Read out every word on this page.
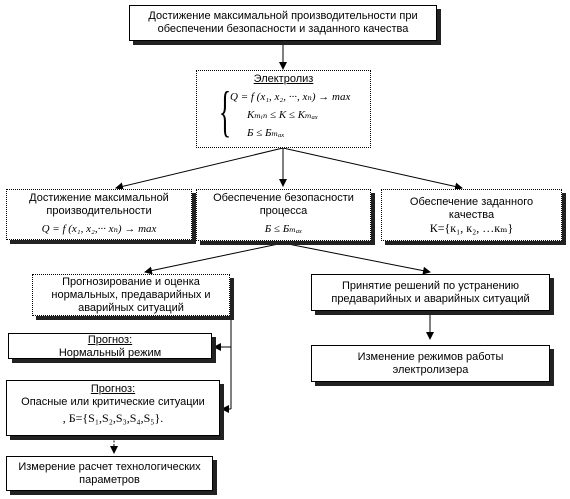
Достижение максимальной производительности при
обеспечении безопасности и заданного качества
Электролиз
{
Q = f (x₁, x₂, ···, xₙ) → max
Kₘᵢₙ ≤ K ≤ Kₘₐₓ
Б ≤ Бₘₐₓ
Достижение максимальной
производительности
Q = f (x₁, x₂,··· xₙ) → max
Обеспечение безопасности
процесса
Б ≤ Бₘₐₓ
Обеспечение заданного
качества
К={к₁, к₂, …кₘ}
Прогнозирование и оценка
нормальных, предаварийных и
аварийных ситуаций
Принятие решений по устранению
предаварийных и аварийных ситуаций
Прогноз:
Нормальный режим	Изменение режимов работы
электролизера
Прогноз:
Опасные или критические ситуации
, Б={S₁,S₂,S₃,S₄,S₅}.
Измерение расчет технологических
параметров
